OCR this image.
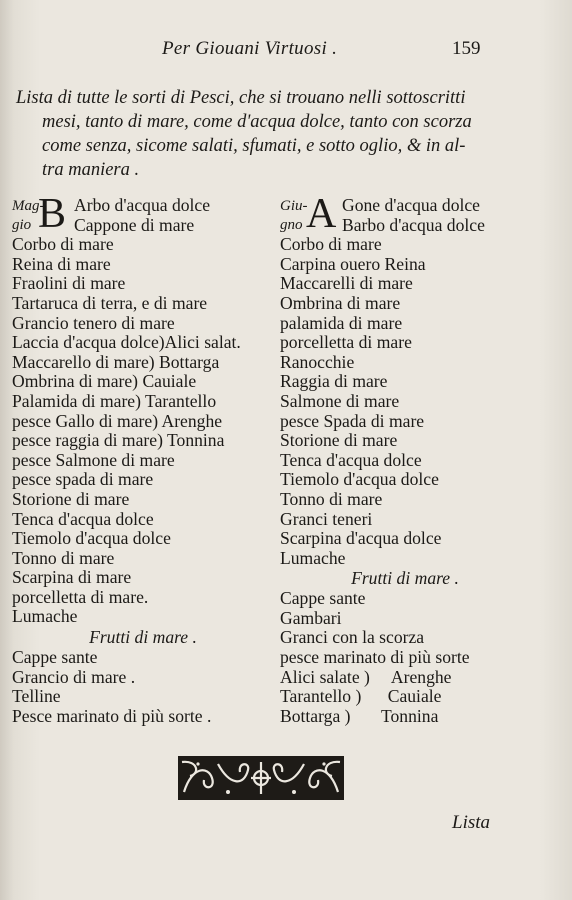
Per Giouani Virtuosi .	159
Lista di tutte le sorti di Pesci, che si trouano nelli sottoscritti
mesi, tanto di mare, come d'acqua dolce, tanto con scorza
come senza, sicome salati, sfumati, e sotto oglio, & in al-
tra maniera .
Mag-
gio B Arbo d'acqua dolce
Cappone di mare
Corbo di mare
Reina di mare
Fraolini di mare
Tartaruca di terra, e di mare
Grancio tenero di mare
Laccia d'acqua dolce)Alici salat.
Maccarello di mare) Bottarga
Ombrina di mare) Cauiale
Palamida di mare) Tarantello
pesce Gallo di mare) Arenghe
pesce raggia di mare) Tonnina
pesce Salmone di mare
pesce spada di mare
Storione di mare
Tenca d'acqua dolce
Tiemolo d'acqua dolce
Tonno di mare
Scarpina di mare
porcelletta di mare.
Lumache
Frutti di mare .
Cappe sante
Grancio di mare .
Telline
Pesce marinato di più sorte .
Giu-
gno A Gone d'acqua dolce
Barbo d'acqua dolce
Corbo di mare
Carpina ouero Reina
Maccarelli di mare
Ombrina di mare
palamida di mare
porcelletta di mare
Ranocchie
Raggia di mare
Salmone di mare
pesce Spada di mare
Storione di mare
Tenca d'acqua dolce
Tiemolo d'acqua dolce
Tonno di mare
Granci teneri
Scarpina d'acqua dolce
Lumache
Frutti di mare .
Cappe sante
Gambari
Granci con la scorza
pesce marinato di più sorte
Alici salate )     Arenghe
Tarantello )      Cauiale
Bottarga )       Tonnina
Lista
